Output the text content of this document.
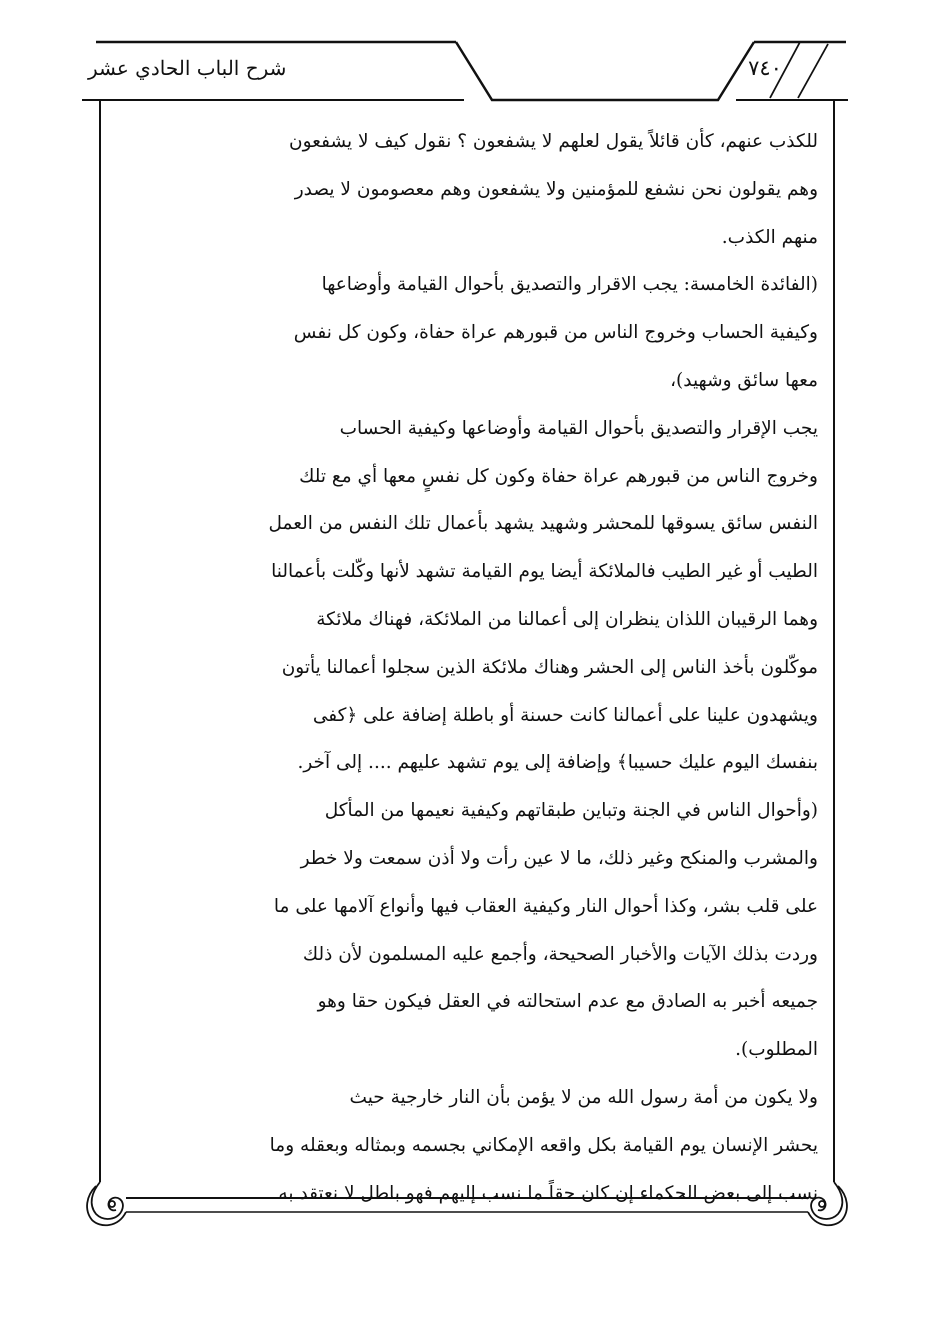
شرح الباب الحادي عشر	٧٤٠
للكذب عنهم، كأن قائلاً يقول لعلهم لا يشفعون ؟ نقول كيف لا يشفعون
وهم يقولون نحن نشفع للمؤمنين ولا يشفعون وهم معصومون لا يصدر
منهم الكذب.
(الفائدة الخامسة: يجب الاقرار والتصديق بأحوال القيامة وأوضاعها
وكيفية الحساب وخروج الناس من قبورهم عراة حفاة، وكون كل نفس
معها سائق وشهيد)،
يجب الإقرار والتصديق بأحوال القيامة وأوضاعها وكيفية الحساب
وخروج الناس من قبورهم عراة حفاة وكون كل نفسٍ معها أي مع تلك
النفس سائق يسوقها للمحشر وشهيد يشهد بأعمال تلك النفس من العمل
الطيب أو غير الطيب فالملائكة أيضا يوم القيامة تشهد لأنها وكّلت بأعمالنا
وهما الرقيبان اللذان ينظران إلى أعمالنا من الملائكة، فهناك ملائكة
موكّلون بأخذ الناس إلى الحشر وهناك ملائكة الذين سجلوا أعمالنا يأتون
ويشهدون علينا على أعمالنا كانت حسنة أو باطلة إضافة على ﴿كفى
بنفسك اليوم عليك حسيبا﴾ وإضافة إلى يوم تشهد عليهم .... إلى آخر.
(وأحوال الناس في الجنة وتباين طبقاتهم وكيفية نعيمها من المأكل
والمشرب والمنكح وغير ذلك، ما لا عين رأت ولا أذن سمعت ولا خطر
على قلب بشر، وكذا أحوال النار وكيفية العقاب فيها وأنواع آلامها على ما
وردت بذلك الآيات والأخبار الصحيحة، وأجمع عليه المسلمون لأن ذلك
جميعه أخبر به الصادق مع عدم استحالته في العقل فيكون حقا وهو
المطلوب).
ولا يكون من أمة رسول الله من لا يؤمن بأن النار خارجية حيث
يحشر الإنسان يوم القيامة بكل واقعه الإمكاني بجسمه وبمثاله وبعقله وما
نسب إلى بعض الحكماء إن كان حقاً ما نسب إليهم فهو باطل لا نعتقد به
